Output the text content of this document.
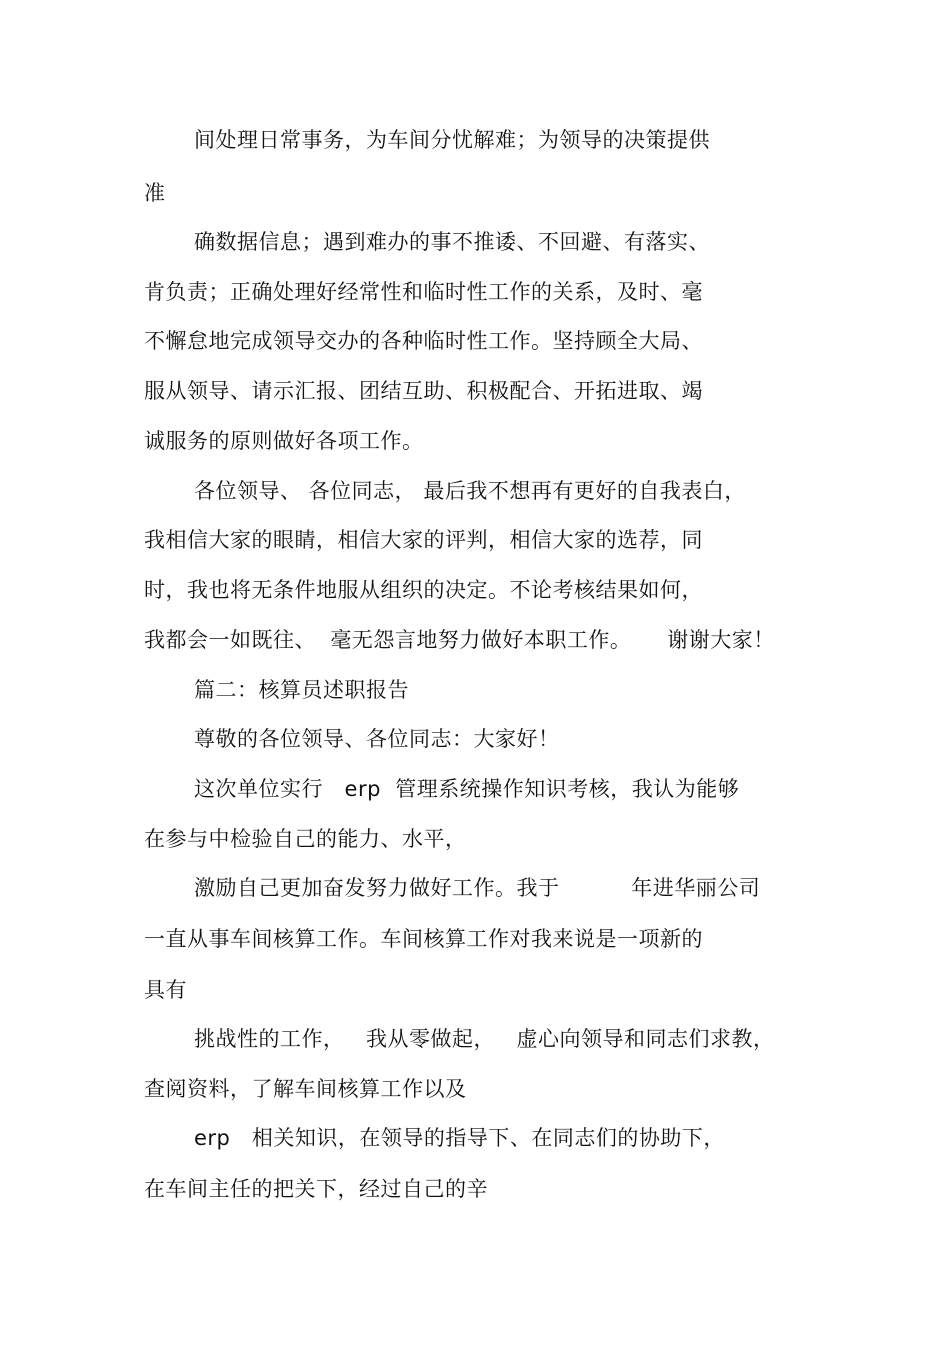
间处理日常事务，为车间分忧解难；为领导的决策提供
准
确数据信息；遇到难办的事不推诿、不回避、有落实、
肯负责；正确处理好经常性和临时性工作的关系，及时、毫
不懈怠地完成领导交办的各种临时性工作。坚持顾全大局、
服从领导、请示汇报、团结互助、积极配合、开拓进取、竭
诚服务的原则做好各项工作。
各位领导、 各位同志， 最后我不想再有更好的自我表白，
我相信大家的眼睛，相信大家的评判，相信大家的选荐，同
时，我也将无条件地服从组织的决定。不论考核结果如何，
我都会一如既往、  毫无怨言地努力做好本职工作。     谢谢大家！
篇二：核算员述职报告
尊敬的各位领导、各位同志：大家好！
这次单位实行   erp  管理系统操作知识考核，我认为能够
在参与中检验自己的能力、水平，
激励自己更加奋发努力做好工作。我于          年进华丽公司
一直从事车间核算工作。车间核算工作对我来说是一项新的
具有
挑战性的工作，   我从零做起，   虚心向领导和同志们求教，
查阅资料，了解车间核算工作以及
erp   相关知识，在领导的指导下、在同志们的协助下，
在车间主任的把关下，经过自己的辛
